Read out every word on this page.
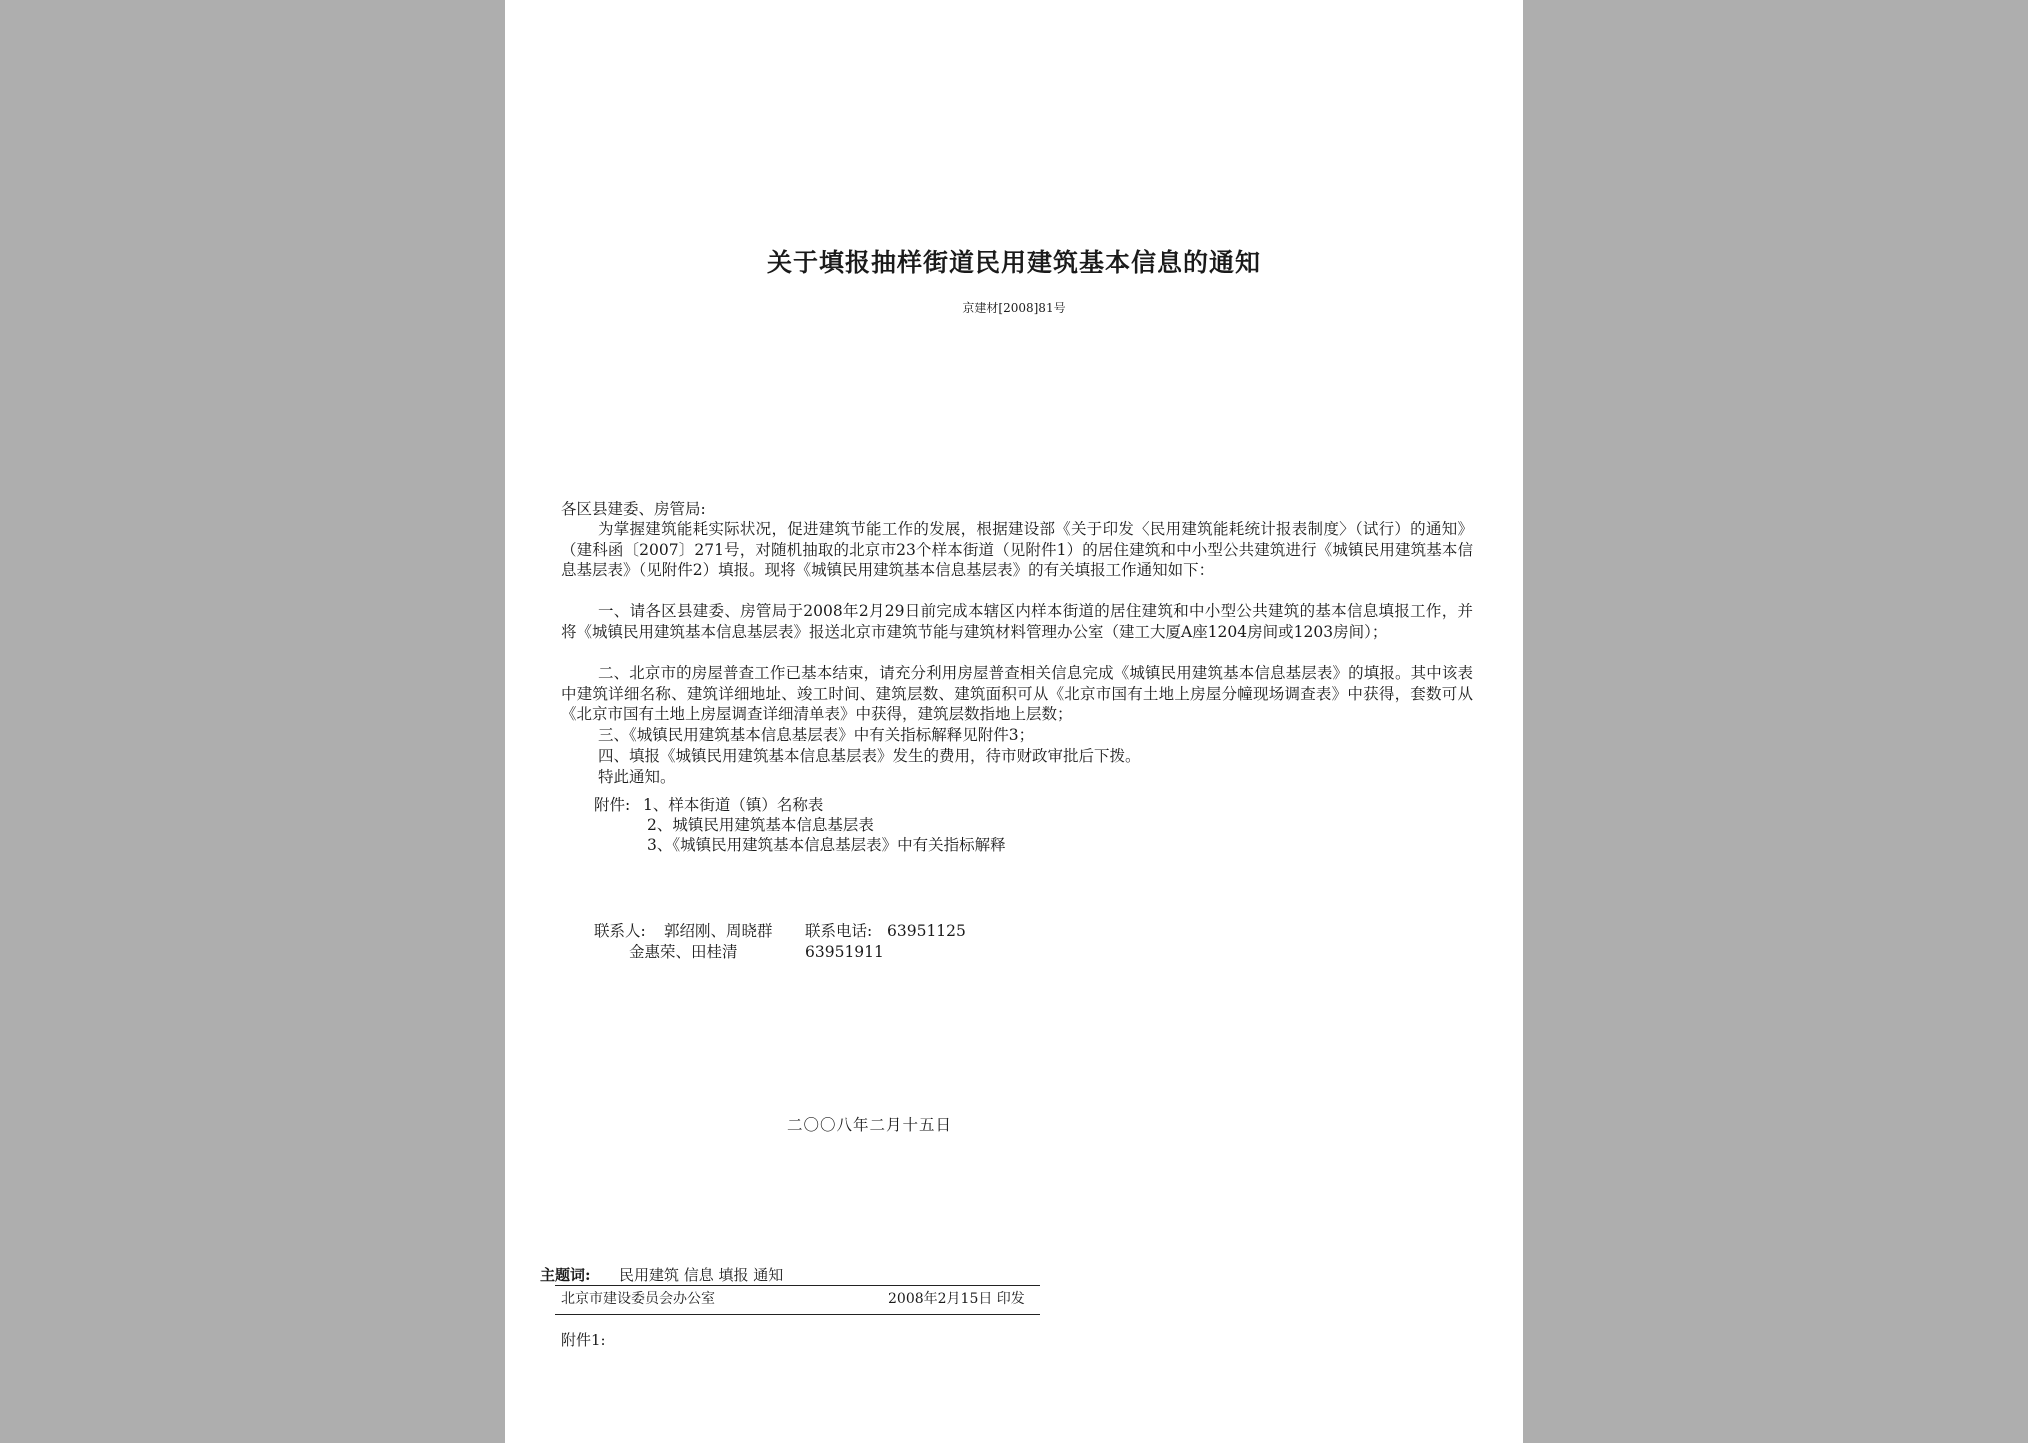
关于填报抽样街道民用建筑基本信息的通知
京建材[2008]81号
各区县建委、房管局:
为掌握建筑能耗实际状况，促进建筑节能工作的发展，根据建设部《关于印发〈民用建筑能耗统计报表制度〉（试行）的通知》（建科函〔2007〕271号，对随机抽取的北京市23个样本街道（见附件1）的居住建筑和中小型公共建筑进行《城镇民用建筑基本信息基层表》（见附件2）填报。现将《城镇民用建筑基本信息基层表》的有关填报工作通知如下：
一、请各区县建委、房管局于2008年2月29日前完成本辖区内样本街道的居住建筑和中小型公共建筑的基本信息填报工作，并将《城镇民用建筑基本信息基层表》报送北京市建筑节能与建筑材料管理办公室（建工大厦A座1204房间或1203房间）；
二、北京市的房屋普查工作已基本结束，请充分利用房屋普查相关信息完成《城镇民用建筑基本信息基层表》的填报。其中该表中建筑详细名称、建筑详细地址、竣工时间、建筑层数、建筑面积可从《北京市国有土地上房屋分幢现场调查表》中获得，套数可从《北京市国有土地上房屋调查详细清单表》中获得，建筑层数指地上层数；
三、《城镇民用建筑基本信息基层表》中有关指标解释见附件3；
四、填报《城镇民用建筑基本信息基层表》发生的费用，待市财政审批后下拨。
特此通知。
附件: 1、样本街道（镇）名称表
2、城镇民用建筑基本信息基层表
3、《城镇民用建筑基本信息基层表》中有关指标解释
联系人: 郭绍刚、周晓群 联系电话: 63951125
金惠荣、田桂清	63951911
二〇〇八年二月十五日
主题词: 民用建筑 信息 填报 通知
北京市建设委员会办公室	2008年2月15日 印发
附件1:
